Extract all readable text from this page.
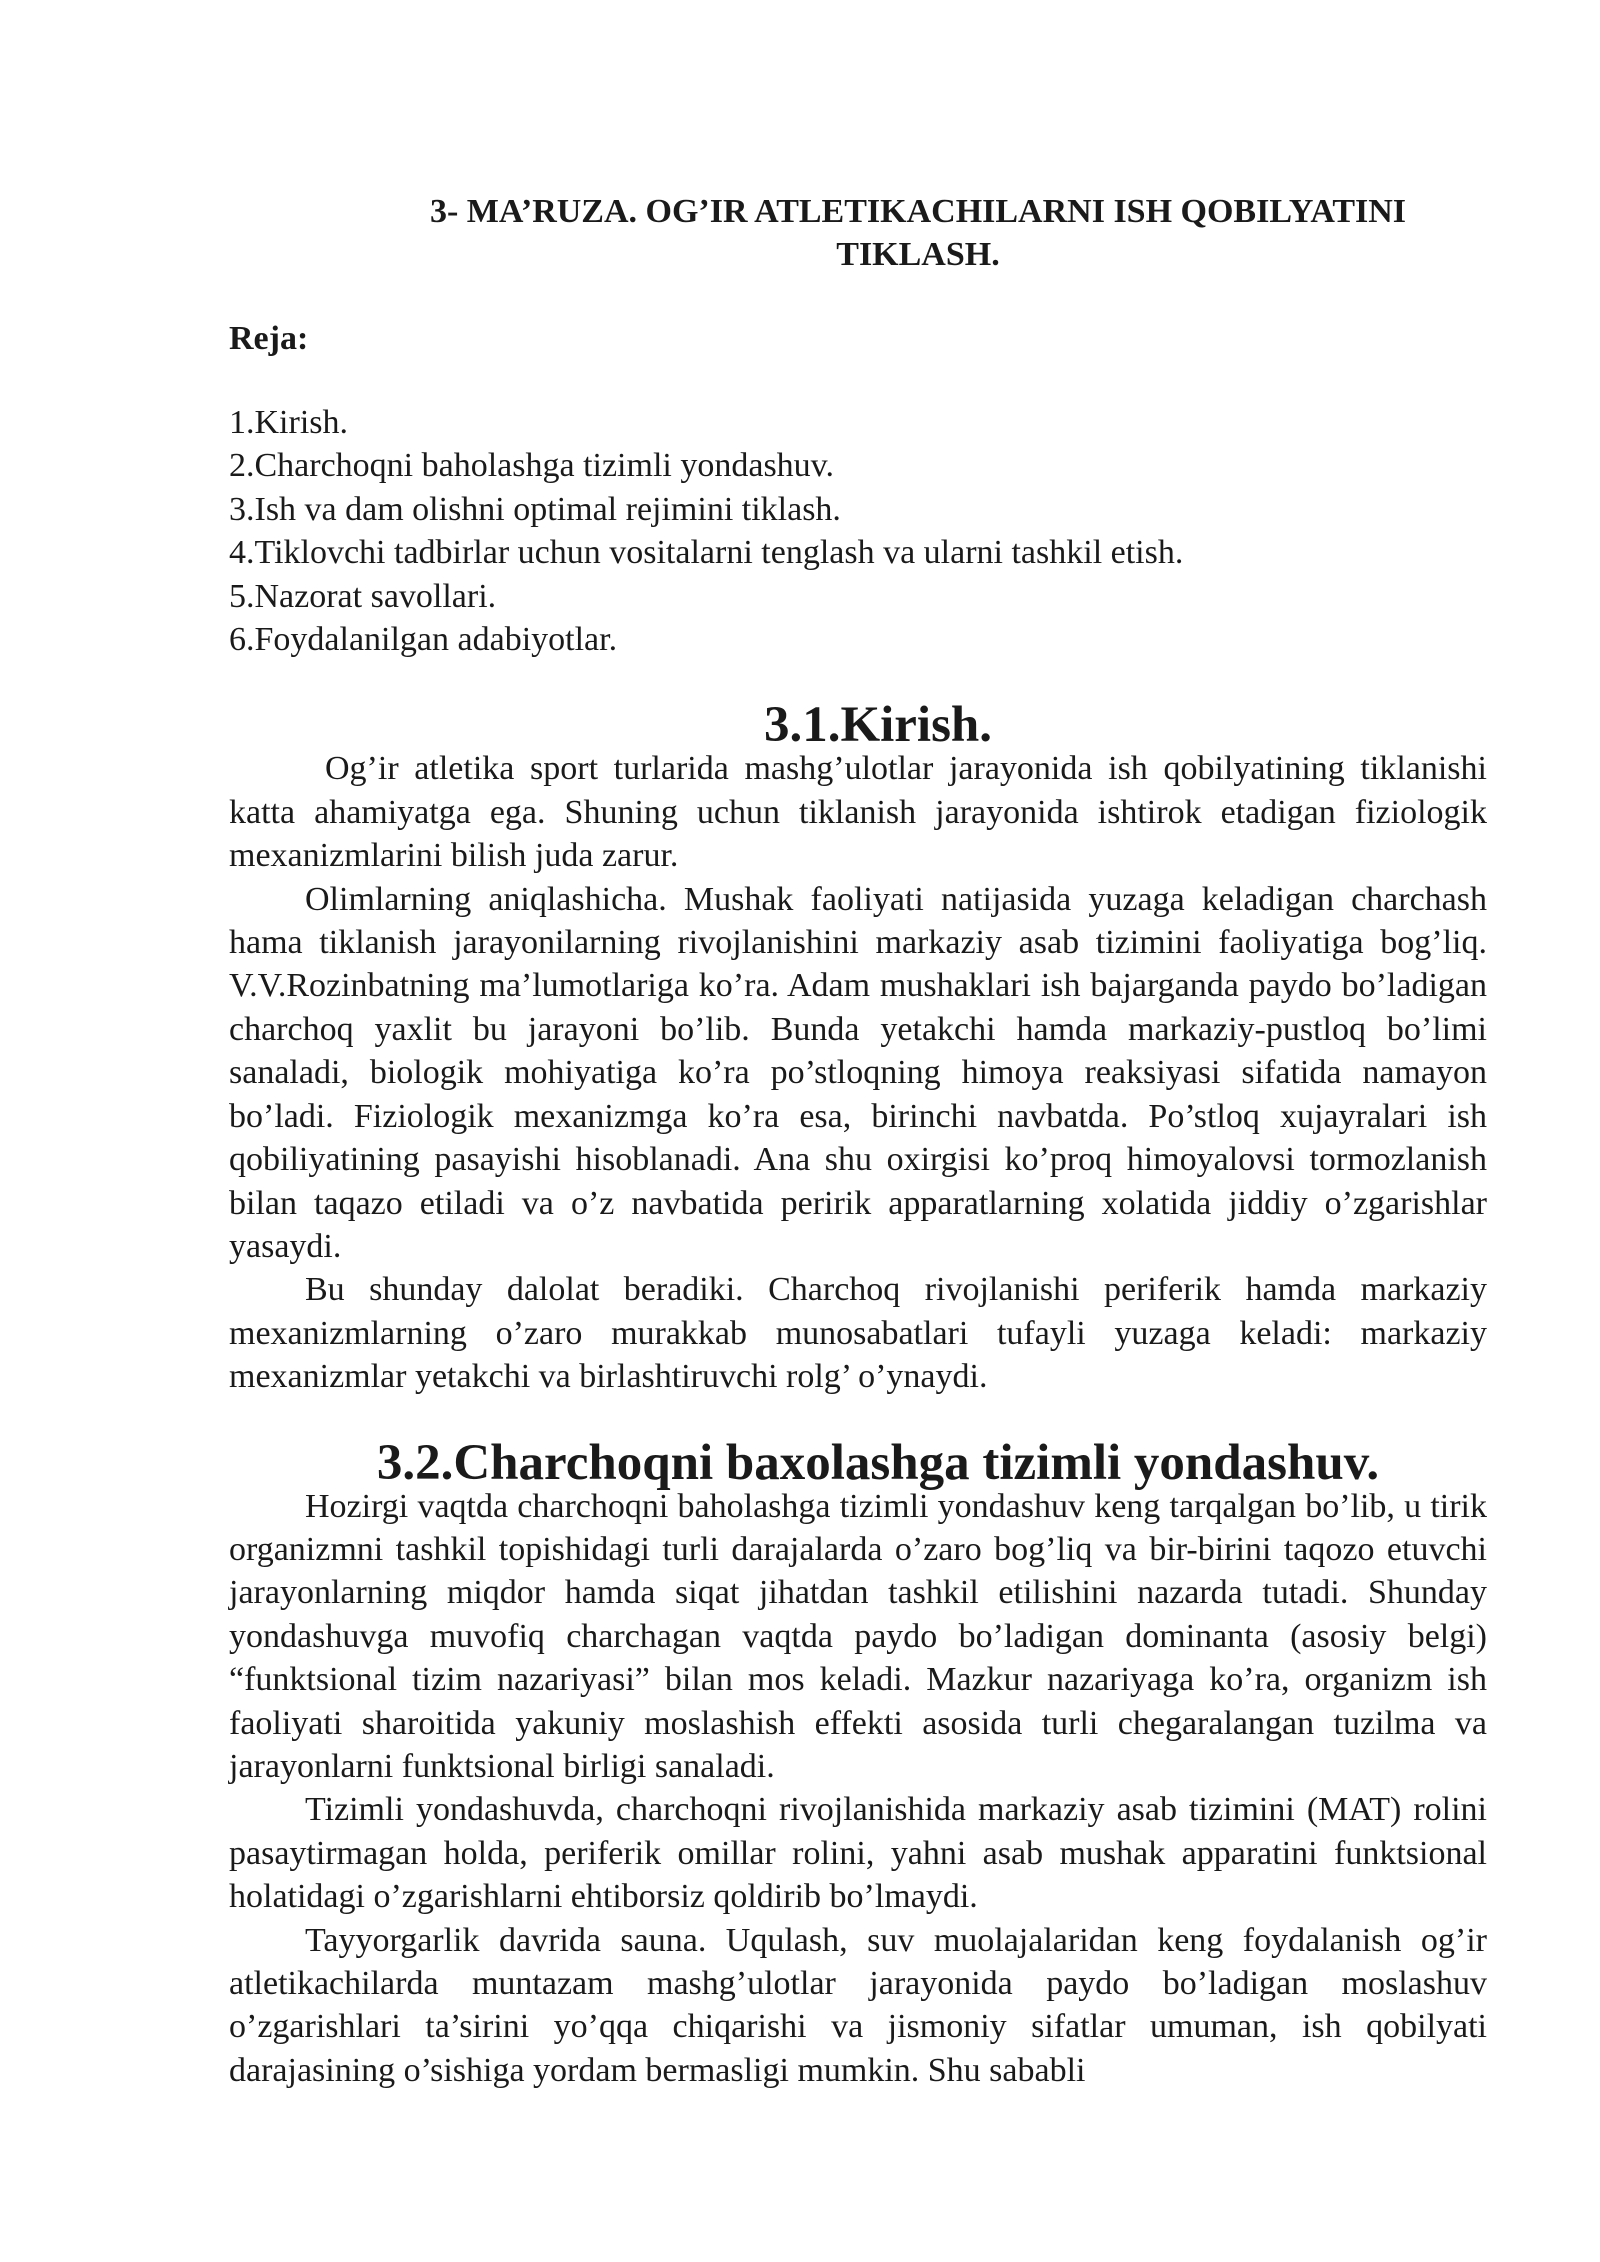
3- MA’RUZA. OG’IR ATLETIKACHILARNI ISH QOBILYATINI
TIKLASH.

Reja:

1.Kirish.
2.Charchoqni baholashga tizimli yondashuv.
3.Ish va dam olishni optimal rejimini tiklash.
4.Tiklovchi tadbirlar uchun vositalarni tenglash va ularni tashkil etish.
5.Nazorat savollari.
6.Foydalanilgan adabiyotlar.
3.1.Kirish.

Og’ir atletika sport turlarida mashg’ulotlar jarayonida ish qobilyatining tiklanishi katta ahamiyatga ega. Shuning uchun tiklanish jarayonida ishtirok etadigan fiziologik mexanizmlarini bilish juda zarur.

Olimlarning aniqlashicha. Mushak faoliyati natijasida yuzaga keladigan charchash hama tiklanish jarayonilarning rivojlanishini markaziy asab tizimini faoliyatiga bog’liq. V.V.Rozinbatning ma’lumotlariga ko’ra. Adam mushaklari ish bajarganda paydo bo’ladigan charchoq yaxlit bu jarayoni bo’lib. Bunda yetakchi hamda markaziy-pustloq bo’limi sanaladi, biologik mohiyatiga ko’ra po’stloqning himoya reaksiyasi sifatida namayon bo’ladi. Fiziologik mexanizmga ko’ra esa, birinchi navbatda. Po’stloq xujayralari ish qobiliyatining pasayishi hisoblanadi. Ana shu oxirgisi ko’proq himoyalovsi tormozlanish bilan taqazo etiladi va o’z navbatida peririk apparatlarning xolatida jiddiy o’zgarishlar yasaydi.

Bu shunday dalolat beradiki. Charchoq rivojlanishi periferik hamda markaziy mexanizmlarning o’zaro murakkab munosabatlari tufayli yuzaga keladi: markaziy mexanizmlar yetakchi va birlashtiruvchi rolg’ o’ynaydi.

3.2.Charchoqni baxolashga tizimli yondashuv.

Hozirgi vaqtda charchoqni baholashga tizimli yondashuv keng tarqalgan bo’lib, u tirik organizmni tashkil topishidagi turli darajalarda o’zaro bog’liq va bir-birini taqozo etuvchi jarayonlarning miqdor hamda siqat jihatdan tashkil etilishini nazarda tutadi. Shunday yondashuvga muvofiq charchagan vaqtda paydo bo’ladigan dominanta (asosiy belgi) “funktsional tizim nazariyasi” bilan mos keladi. Mazkur nazariyaga ko’ra, organizm ish faoliyati sharoitida yakuniy moslashish effekti asosida turli chegaralangan tuzilma va jarayonlarni funktsional birligi sanaladi.

Tizimli yondashuvda, charchoqni rivojlanishida markaziy asab tizimini (MAT) rolini pasaytirmagan holda, periferik omillar rolini, yahni asab mushak apparatini funktsional holatidagi o’zgarishlarni ehtiborsiz qoldirib bo’lmaydi.

Tayyorgarlik davrida sauna. Uqulash, suv muolajalaridan keng foydalanish og’ir atletikachilarda muntazam mashg’ulotlar jarayonida paydo bo’ladigan moslashuv o’zgarishlari ta’sirini yo’qqa chiqarishi va jismoniy sifatlar umuman, ish qobilyati darajasining o’sishiga yordam bermasligi mumkin. Shu sababli
